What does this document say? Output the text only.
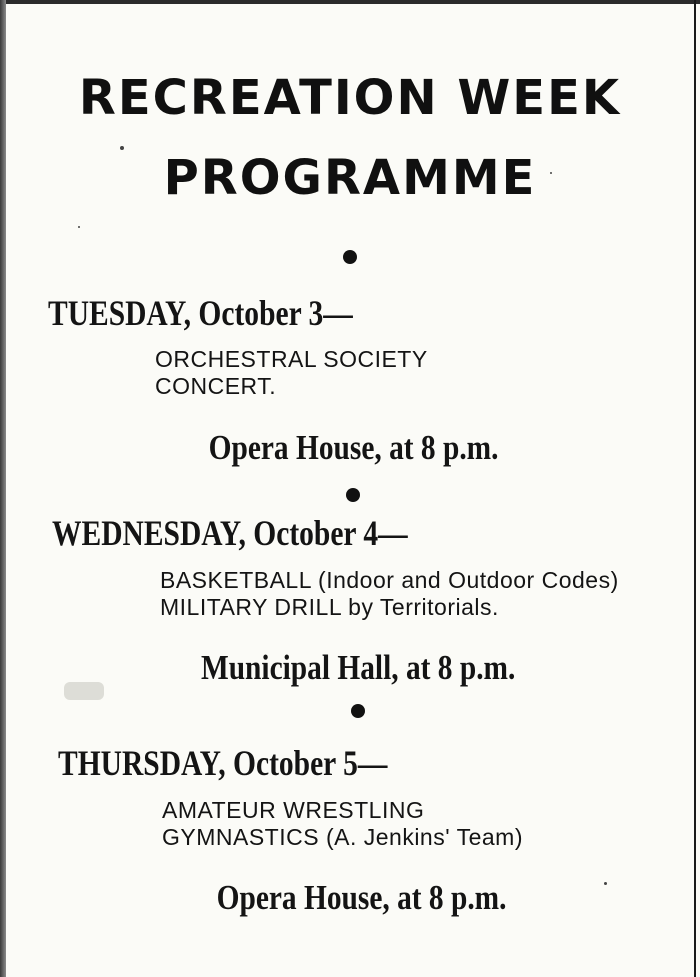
RECREATION WEEK
PROGRAMME
TUESDAY, October 3—
ORCHESTRAL SOCIETY
CONCERT.
Opera House, at 8 p.m.
WEDNESDAY, October 4—
BASKETBALL (Indoor and Outdoor Codes)
MILITARY DRILL by Territorials.
Municipal Hall, at 8 p.m.
THURSDAY, October 5—
AMATEUR WRESTLING
GYMNASTICS (A. Jenkins' Team)
Opera House, at 8 p.m.
